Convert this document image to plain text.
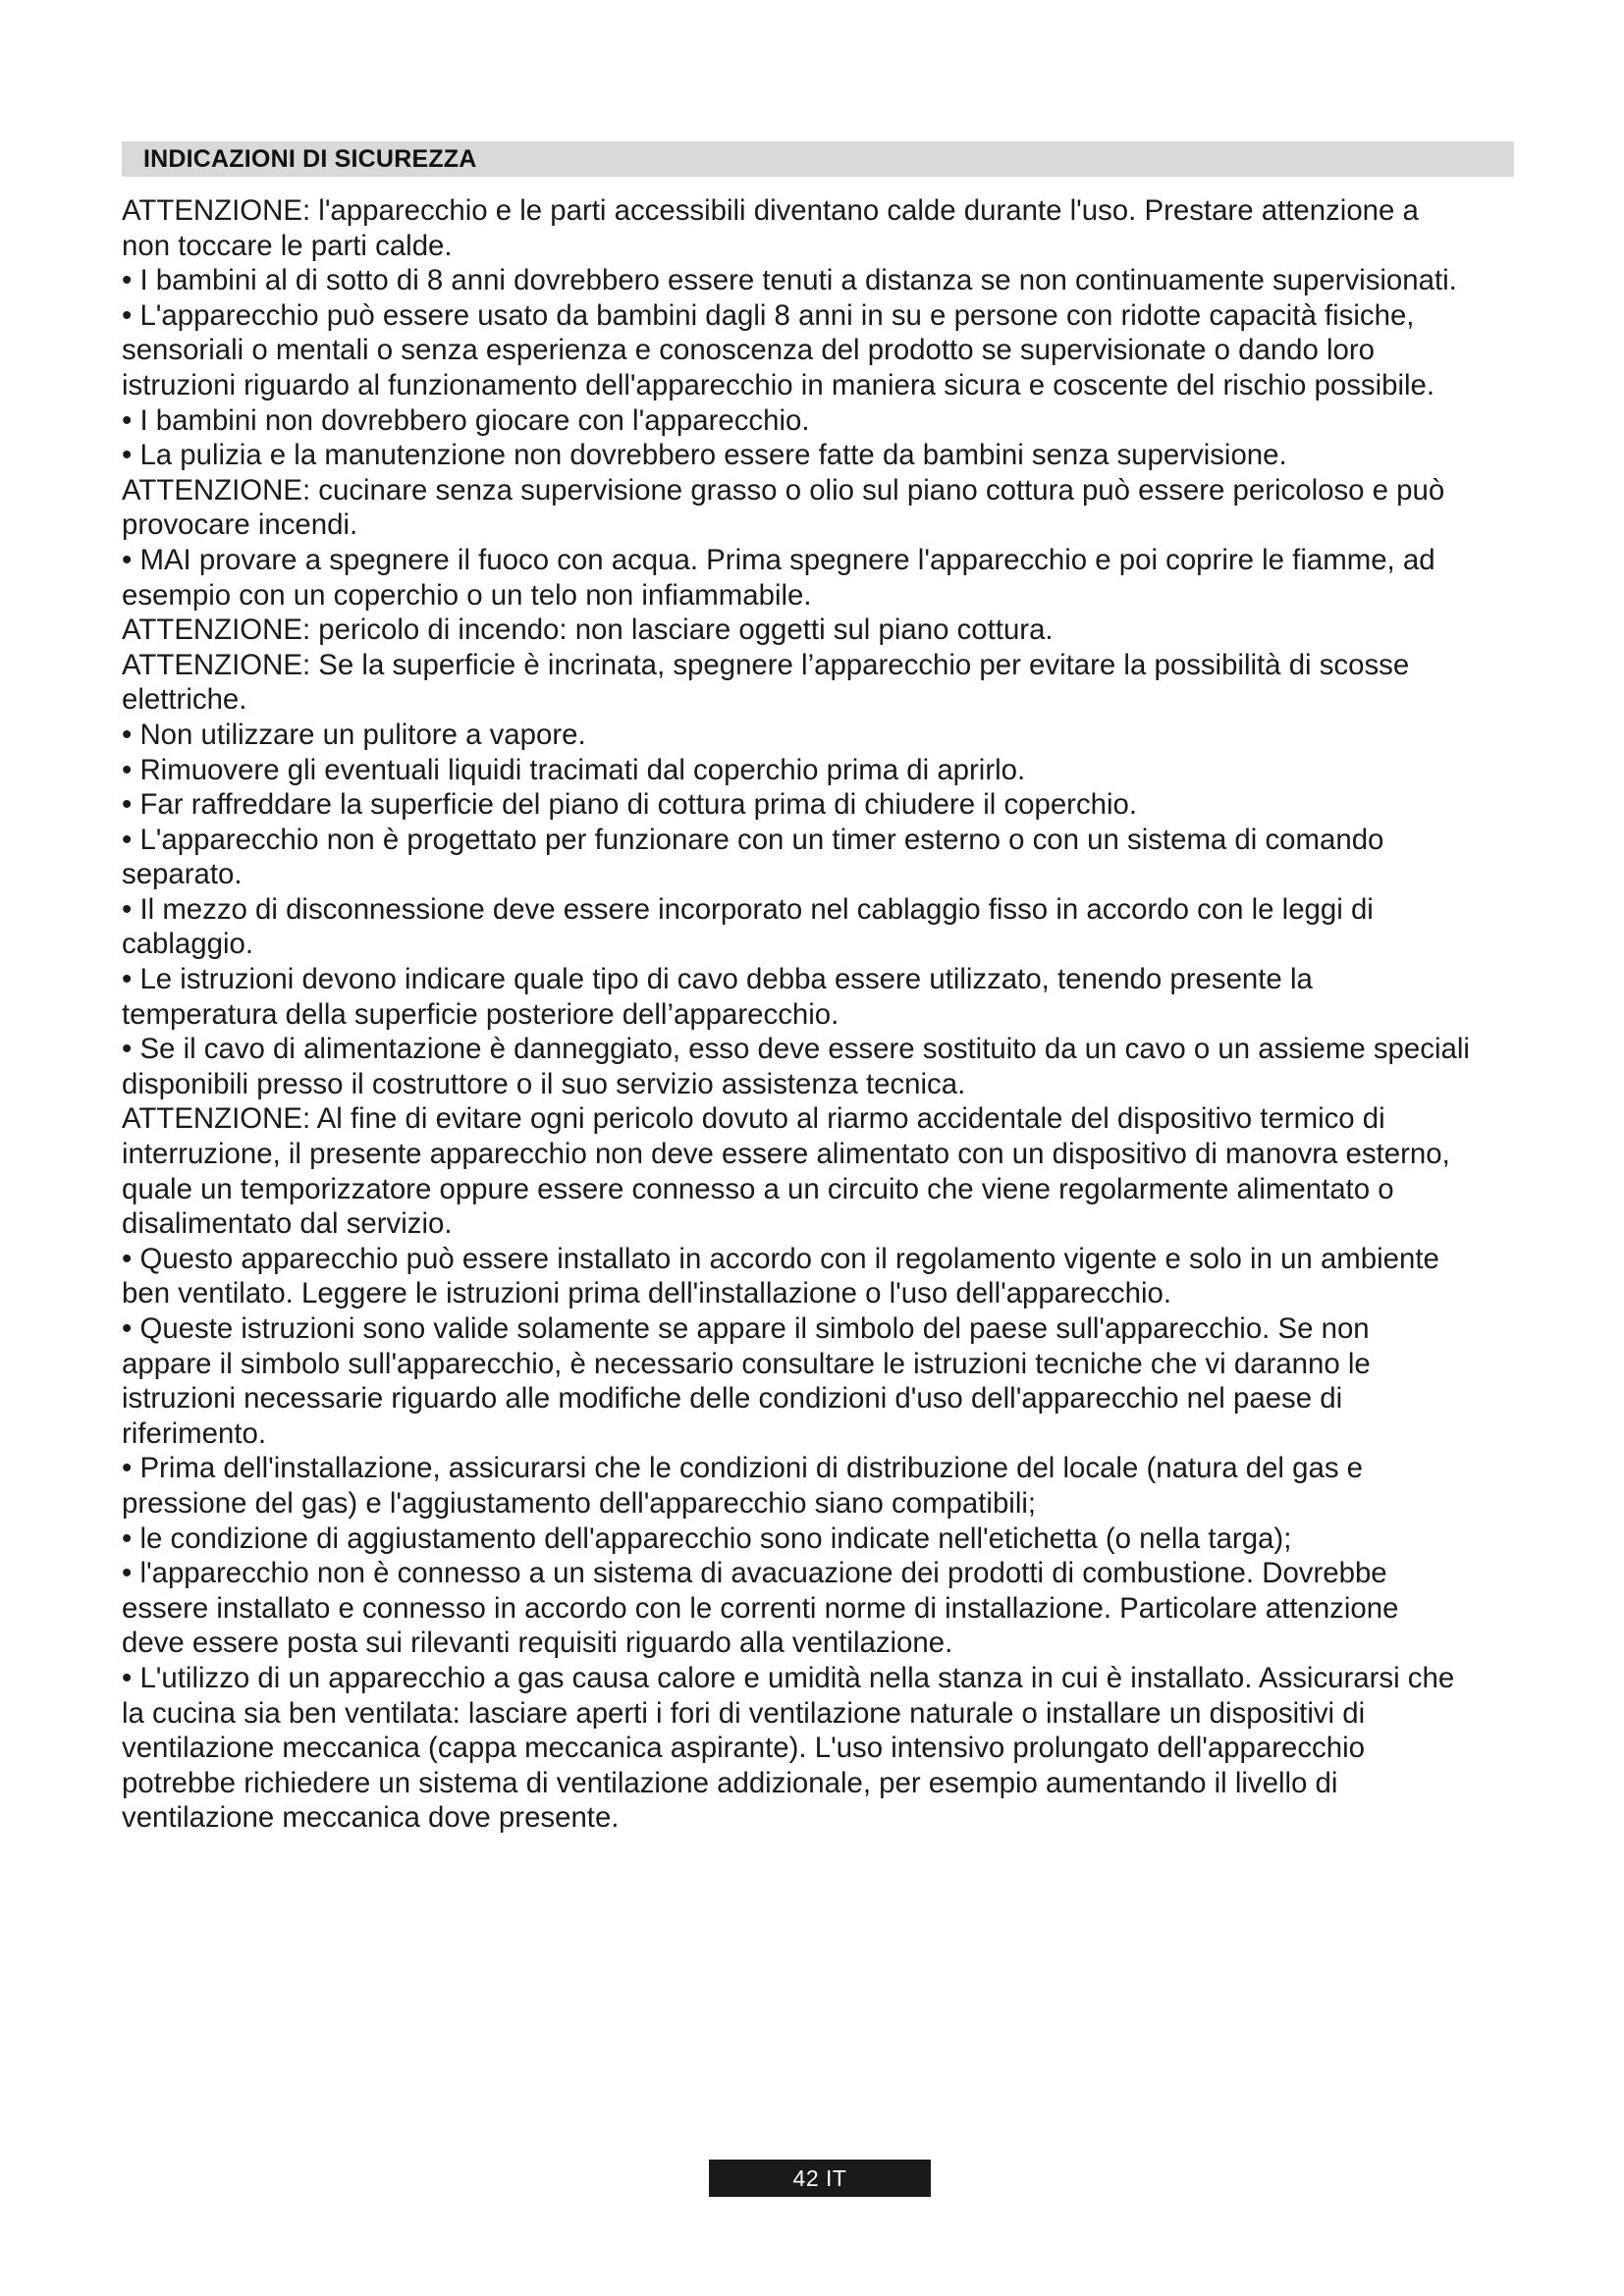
INDICAZIONI DI SICUREZZA

ATTENZIONE: l'apparecchio e le parti accessibili diventano calde durante l'uso. Prestare attenzione a

non toccare le parti calde.

• I bambini al di sotto di 8 anni dovrebbero essere tenuti a distanza se non continuamente supervisionati.

• L'apparecchio può essere usato da bambini dagli 8 anni in su e persone con ridotte capacità fisiche,

sensoriali o mentali o senza esperienza e conoscenza del prodotto se supervisionate o dando loro

istruzioni riguardo al funzionamento dell'apparecchio in maniera sicura e coscente del rischio possibile.

• I bambini non dovrebbero giocare con l'apparecchio.

• La pulizia e la manutenzione non dovrebbero essere fatte da bambini senza supervisione.

ATTENZIONE: cucinare senza supervisione grasso o olio sul piano cottura può essere pericoloso e può

provocare incendi.

• MAI provare a spegnere il fuoco con acqua. Prima spegnere l'apparecchio e poi coprire le fiamme, ad

esempio con un coperchio o un telo non infiammabile.

ATTENZIONE: pericolo di incendo: non lasciare oggetti sul piano cottura.

ATTENZIONE: Se la superficie è incrinata, spegnere l’apparecchio per evitare la possibilità di scosse

elettriche.

• Non utilizzare un pulitore a vapore.

• Rimuovere gli eventuali liquidi tracimati dal coperchio prima di aprirlo.

• Far raffreddare la superficie del piano di cottura prima di chiudere il coperchio.

• L'apparecchio non è progettato per funzionare con un timer esterno o con un sistema di comando

separato.

• Il mezzo di disconnessione deve essere incorporato nel cablaggio fisso in accordo con le leggi di

cablaggio.

• Le istruzioni devono indicare quale tipo di cavo debba essere utilizzato, tenendo presente la

temperatura della superficie posteriore dell’apparecchio.

• Se il cavo di alimentazione è danneggiato, esso deve essere sostituito da un cavo o un assieme speciali

disponibili presso il costruttore o il suo servizio assistenza tecnica.

ATTENZIONE: Al fine di evitare ogni pericolo dovuto al riarmo accidentale del dispositivo termico di

interruzione, il presente apparecchio non deve essere alimentato con un dispositivo di manovra esterno,

quale un temporizzatore oppure essere connesso a un circuito che viene regolarmente alimentato o

disalimentato dal servizio.

• Questo apparecchio può essere installato in accordo con il regolamento vigente e solo in un ambiente

ben ventilato. Leggere le istruzioni prima dell'installazione o l'uso dell'apparecchio.

• Queste istruzioni sono valide solamente se appare il simbolo del paese sull'apparecchio. Se non

appare il simbolo sull'apparecchio, è necessario consultare le istruzioni tecniche che vi daranno le

istruzioni necessarie riguardo alle modifiche delle condizioni d'uso dell'apparecchio nel paese di

riferimento.

• Prima dell'installazione, assicurarsi che le condizioni di distribuzione del locale (natura del gas e

pressione del gas) e l'aggiustamento dell'apparecchio siano compatibili;

• le condizione di aggiustamento dell'apparecchio sono indicate nell'etichetta (o nella targa);

• l'apparecchio non è connesso a un sistema di avacuazione dei prodotti di combustione. Dovrebbe

essere installato e connesso in accordo con le correnti norme di installazione. Particolare attenzione

deve essere posta sui rilevanti requisiti riguardo alla ventilazione.

• L'utilizzo di un apparecchio a gas causa calore e umidità nella stanza in cui è installato. Assicurarsi che

la cucina sia ben ventilata: lasciare aperti i fori di ventilazione naturale o installare un dispositivi di

ventilazione meccanica (cappa meccanica aspirante). L'uso intensivo prolungato dell'apparecchio

potrebbe richiedere un sistema di ventilazione addizionale, per esempio aumentando il livello di

ventilazione meccanica dove presente.

42 IT
